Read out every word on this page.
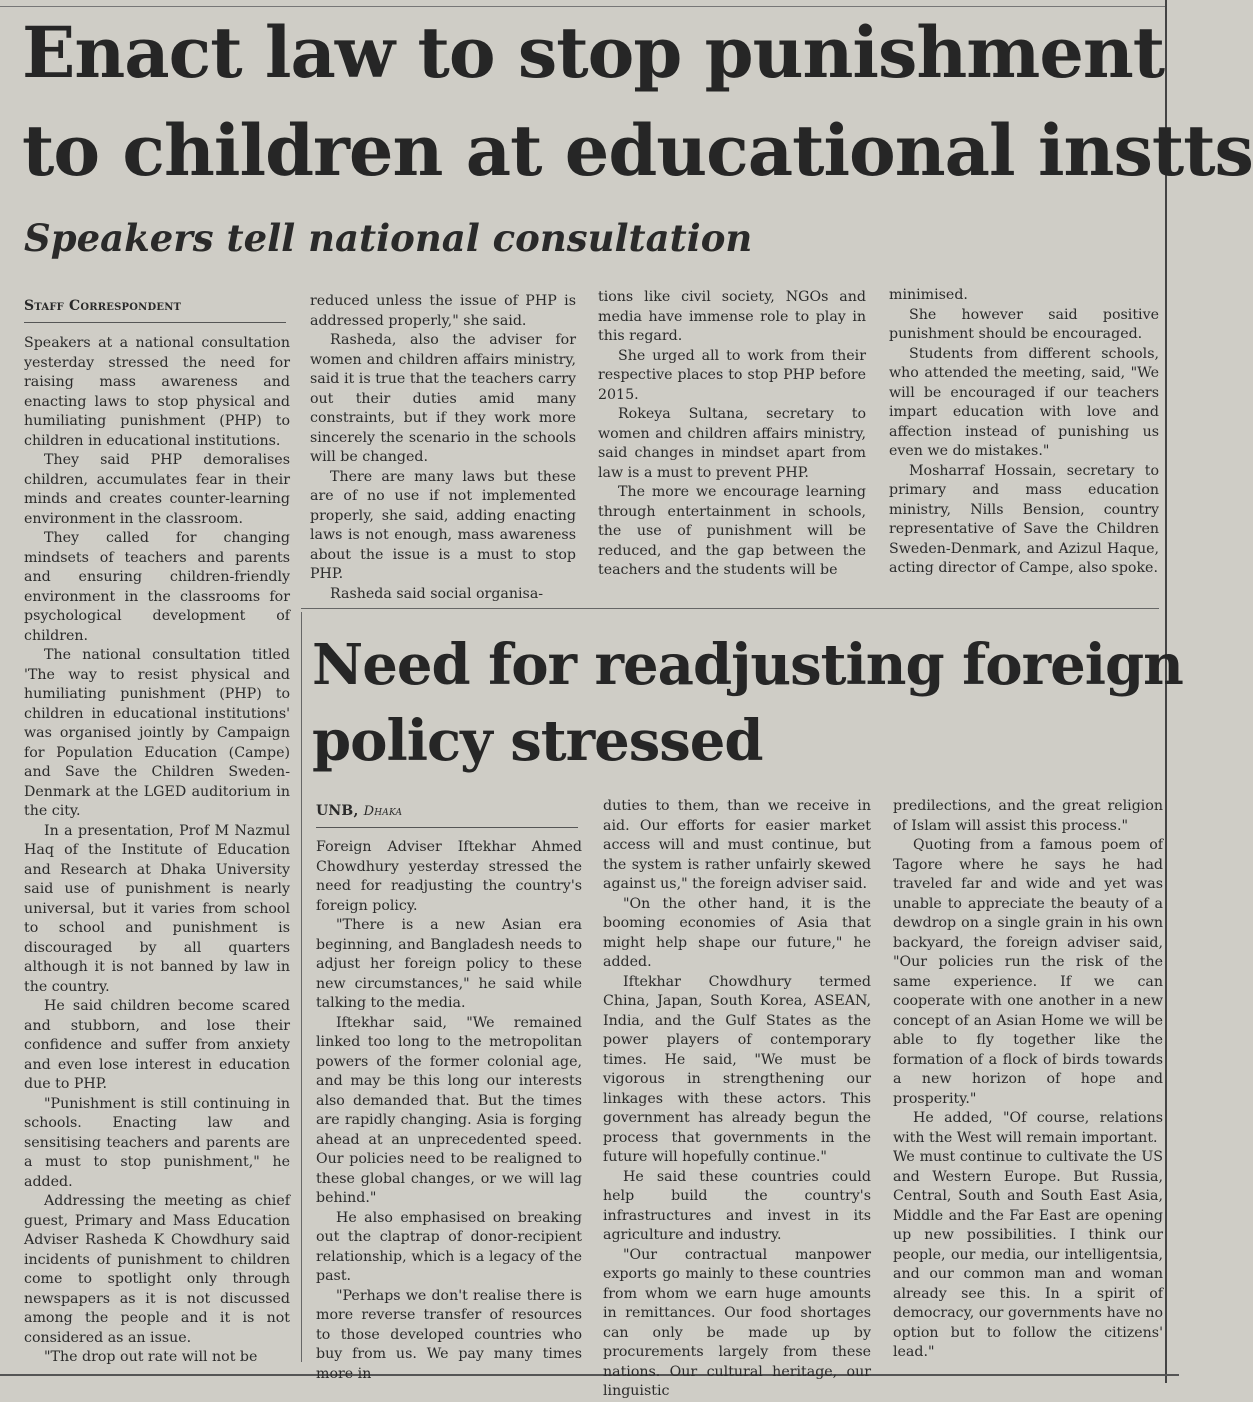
Enact law to stop punishment
to children at educational instts
Speakers tell national consultation
Staff Correspondent

Speakers at a national consultation yesterday stressed the need for raising mass awareness and enacting laws to stop physical and humiliating punishment (PHP) to children in educational institutions.

They said PHP demoralises children, accumulates fear in their minds and creates counter-learning environment in the classroom.

They called for changing mindsets of teachers and parents and ensuring children-friendly environment in the classrooms for psychological development of children.

The national consultation titled 'The way to resist physical and humiliating punishment (PHP) to children in educational institutions' was organised jointly by Campaign for Population Education (Campe) and Save the Children Sweden-Denmark at the LGED auditorium in the city.

In a presentation, Prof M Nazmul Haq of the Institute of Education and Research at Dhaka University said use of punishment is nearly universal, but it varies from school to school and punishment is discouraged by all quarters although it is not banned by law in the country.

He said children become scared and stubborn, and lose their confidence and suffer from anxiety and even lose interest in education due to PHP.

"Punishment is still continuing in schools. Enacting law and sensitising teachers and parents are a must to stop punishment," he added.

Addressing the meeting as chief guest, Primary and Mass Education Adviser Rasheda K Chowdhury said incidents of punishment to children come to spotlight only through newspapers as it is not discussed among the people and it is not considered as an issue.

"The drop out rate will not be

reduced unless the issue of PHP is addressed properly," she said.

Rasheda, also the adviser for women and children affairs ministry, said it is true that the teachers carry out their duties amid many constraints, but if they work more sincerely the scenario in the schools will be changed.

There are many laws but these are of no use if not implemented properly, she said, adding enacting laws is not enough, mass awareness about the issue is a must to stop PHP.

Rasheda said social organisa-

tions like civil society, NGOs and media have immense role to play in this regard.

She urged all to work from their respective places to stop PHP before 2015.

Rokeya Sultana, secretary to women and children affairs ministry, said changes in mindset apart from law is a must to prevent PHP.

The more we encourage learning through entertainment in schools, the use of punishment will be reduced, and the gap between the teachers and the students will be

minimised.

She however said positive punishment should be encouraged.

Students from different schools, who attended the meeting, said, "We will be encouraged if our teachers impart education with love and affection instead of punishing us even we do mistakes."

Mosharraf Hossain, secretary to primary and mass education ministry, Nills Bension, country representative of Save the Children Sweden-Denmark, and Azizul Haque, acting director of Campe, also spoke.

Need for readjusting foreign
policy stressed
UNB, Dhaka

Foreign Adviser Iftekhar Ahmed Chowdhury yesterday stressed the need for readjusting the country's foreign policy.

"There is a new Asian era beginning, and Bangladesh needs to adjust her foreign policy to these new circumstances," he said while talking to the media.

Iftekhar said, "We remained linked too long to the metropolitan powers of the former colonial age, and may be this long our interests also demanded that. But the times are rapidly changing. Asia is forging ahead at an unprecedented speed. Our policies need to be realigned to these global changes, or we will lag behind."

He also emphasised on breaking out the claptrap of donor-recipient relationship, which is a legacy of the past.

"Perhaps we don't realise there is more reverse transfer of resources to those developed countries who buy from us. We pay many times more in

duties to them, than we receive in aid. Our efforts for easier market access will and must continue, but the system is rather unfairly skewed against us," the foreign adviser said.

"On the other hand, it is the booming economies of Asia that might help shape our future," he added.

Iftekhar Chowdhury termed China, Japan, South Korea, ASEAN, India, and the Gulf States as the power players of contemporary times. He said, "We must be vigorous in strengthening our linkages with these actors. This government has already begun the process that governments in the future will hopefully continue."

He said these countries could help build the country's infrastructures and invest in its agriculture and industry.

"Our contractual manpower exports go mainly to these countries from whom we earn huge amounts in remittances. Our food shortages can only be made up by procurements largely from these nations. Our cultural heritage, our linguistic

predilections, and the great religion of Islam will assist this process."

Quoting from a famous poem of Tagore where he says he had traveled far and wide and yet was unable to appreciate the beauty of a dewdrop on a single grain in his own backyard, the foreign adviser said, "Our policies run the risk of the same experience. If we can cooperate with one another in a new concept of an Asian Home we will be able to fly together like the formation of a flock of birds towards a new horizon of hope and prosperity."

He added, "Of course, relations with the West will remain important.

We must continue to cultivate the US and Western Europe. But Russia, Central, South and South East Asia, Middle and the Far East are opening up new possibilities. I think our people, our media, our intelligentsia, and our common man and woman already see this. In a spirit of democracy, our governments have no option but to follow the citizens' lead."
